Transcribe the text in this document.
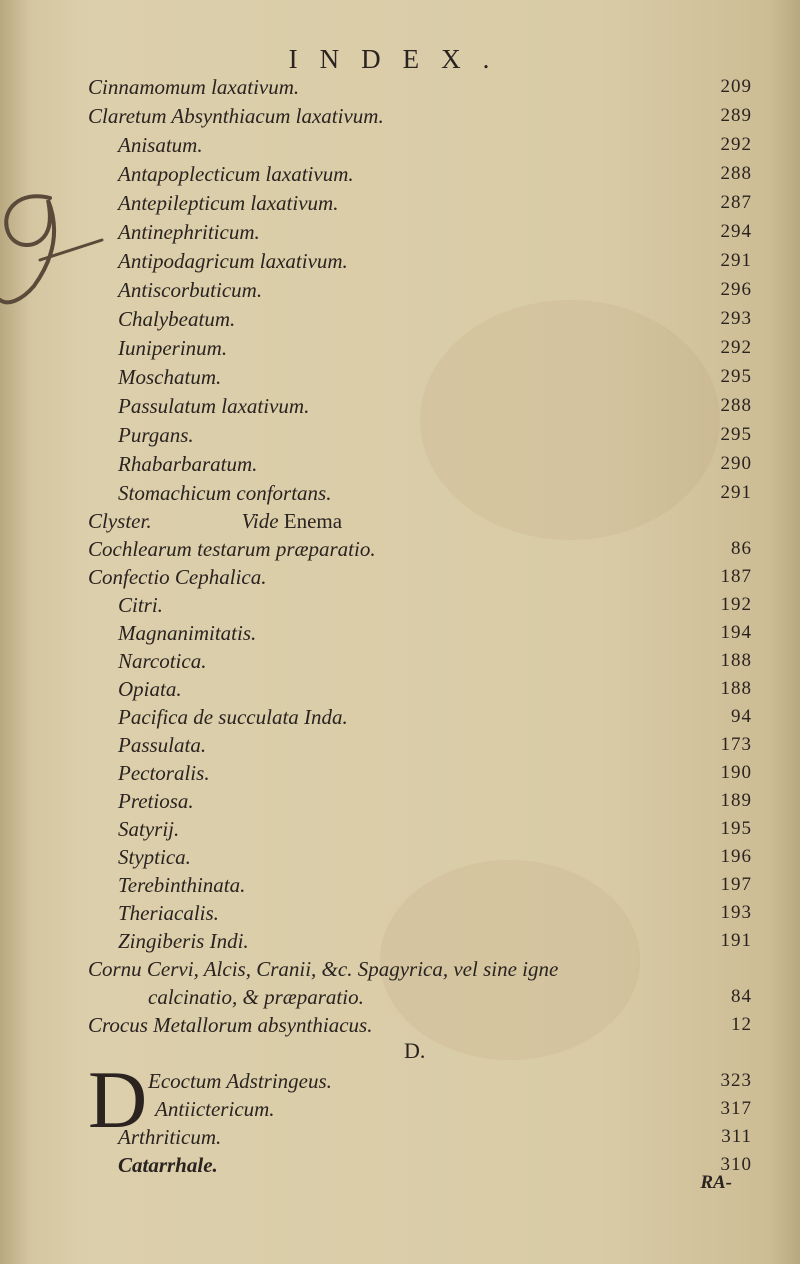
INDEX.
Cinnamomum laxativum.	209
Claretum Absynthiacum laxativum.	289
Anisatum.	292
Antapoplecticum laxativum.	288
Antepilepticum laxativum.	287
Antinephriticum.	294
Antipodagricum laxativum.	291
Antiscorbuticum.	296
Chalybeatum.	293
Iuniperinum.	292
Moschatum.	295
Passulatum laxativum.	288
Purgans.	295
Rhabarbaratum.	290
Stomachicum confortans.	291
Clyster.	Vide Enema
Cochlearum testarum præparatio.	86
Confectio Cephalica.	187
Citri.	192
Magnanimitatis.	194
Narcotica.	188
Opiata.	188
Pacifica de succulata Inda.	94
Passulata.	173
Pectoralis.	190
Pretiosa.	189
Satyrij.	195
Styptica.	196
Terebinthinata.	197
Theriacalis.	193
Zingiberis Indi.	191
Cornu Cervi, Alcis, Cranii, &c. Spagyrica, vel sine igne
calcinatio, & præparatio.	84
Crocus Metallorum absynthiacus.	12
D.
D Ecoctum Adstringeus.	323
Antiictericum.	317
Arthriticum.	311
Catarrhale.	310
RA-
